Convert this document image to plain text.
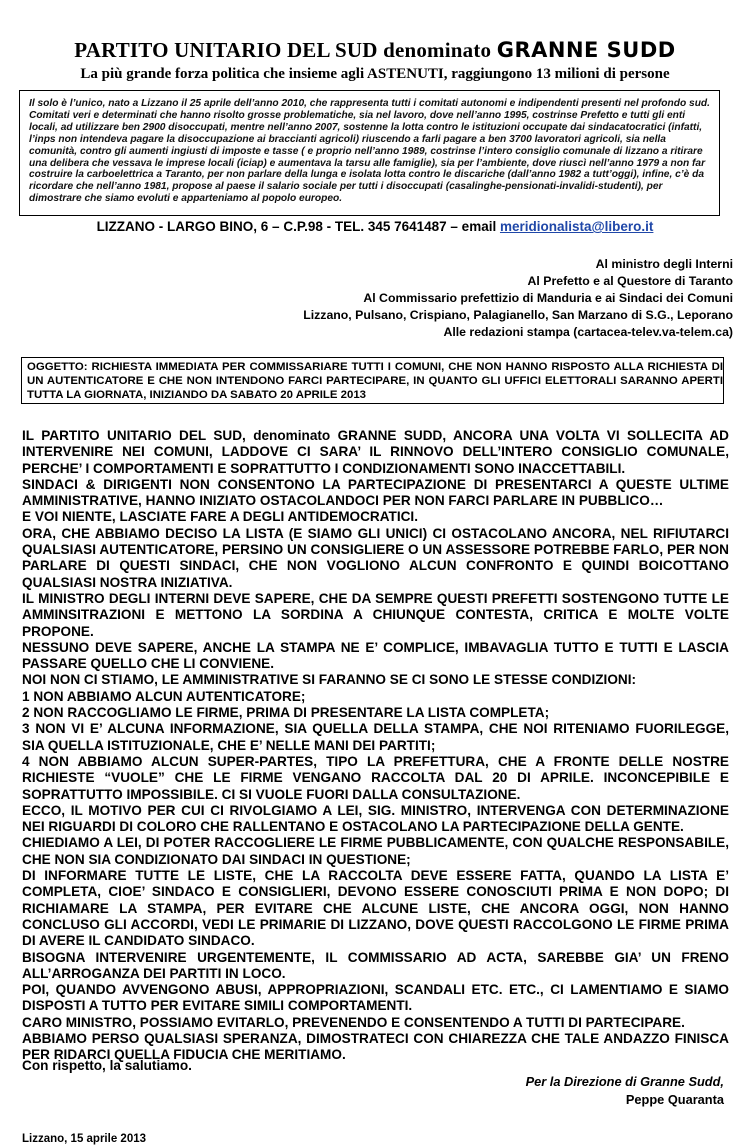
PARTITO UNITARIO DEL SUD denominato GRANNE SUDD
La più grande forza politica che insieme agli ASTENUTI, raggiungono 13 milioni di persone
Il solo è l’unico, nato a Lizzano il 25 aprile dell’anno 2010, che rappresenta tutti i comitati autonomi e indipendenti presenti nel profondo sud. Comitati veri e determinati che hanno risolto grosse problematiche, sia nel lavoro, dove nell’anno 1995, costrinse Prefetto e tutti gli enti locali, ad utilizzare ben 2900 disoccupati, mentre nell’anno 2007, sostenne la lotta contro le istituzioni occupate dai sindacatocratici (infatti, l’inps non intendeva pagare la disoccupazione ai braccianti agricoli) riuscendo a farli pagare a ben 3700 lavoratori agricoli, sia nella comunità, contro gli aumenti ingiusti di imposte e tasse ( e proprio nell’anno 1989, costrinse l’intero consiglio comunale di lizzano a ritirare una delibera che vessava le imprese locali (iciap) e aumentava la tarsu alle famiglie), sia per l’ambiente, dove riuscì nell’anno 1979 a non far costruire la carboelettrica a Taranto, per non parlare della lunga e isolata lotta contro le discariche (dall’anno 1982 a tutt’oggi), infine, c’è da ricordare che nell’anno 1981, propose al paese il salario sociale per tutti i disoccupati (casalinghe-pensionati-invalidi-studenti), per dimostrare che siamo evoluti e apparteniamo al popolo europeo.
LIZZANO - LARGO BINO, 6 – C.P.98 - TEL. 345 7641487 – email meridionalista@libero.it
Al ministro degli Interni
Al Prefetto e al Questore di Taranto
Al Commissario prefettizio di Manduria e ai Sindaci dei Comuni
Lizzano, Pulsano, Crispiano, Palagianello, San Marzano di S.G., Leporano
Alle redazioni stampa (cartacea-telev.va-telem.ca)
OGGETTO: RICHIESTA IMMEDIATA PER COMMISSARIARE TUTTI I COMUNI, CHE NON HANNO RISPOSTO ALLA RICHIESTA DI UN AUTENTICATORE E CHE NON INTENDONO FARCI PARTECIPARE, IN QUANTO GLI UFFICI ELETTORALI SARANNO APERTI TUTTA LA GIORNATA, INIZIANDO DA SABATO 20 APRILE 2013

IL PARTITO UNITARIO DEL SUD, denominato GRANNE SUDD, ANCORA UNA VOLTA VI SOLLECITA AD INTERVENIRE NEI COMUNI, LADDOVE CI SARA’ IL RINNOVO DELL’INTERO CONSIGLIO COMUNALE, PERCHE’ I COMPORTAMENTI E SOPRATTUTTO I CONDIZIONAMENTI SONO INACCETTABILI.

SINDACI & DIRIGENTI NON CONSENTONO LA PARTECIPAZIONE DI PRESENTARCI A QUESTE ULTIME AMMINISTRATIVE, HANNO INIZIATO OSTACOLANDOCI PER NON FARCI PARLARE IN PUBBLICO…

E VOI NIENTE, LASCIATE FARE A DEGLI ANTIDEMOCRATICI.

ORA, CHE ABBIAMO DECISO LA LISTA (E SIAMO GLI UNICI) CI OSTACOLANO ANCORA, NEL RIFIUTARCI QUALSIASI AUTENTICATORE, PERSINO UN CONSIGLIERE O UN ASSESSORE POTREBBE FARLO, PER NON PARLARE DI QUESTI SINDACI, CHE NON VOGLIONO ALCUN CONFRONTO E QUINDI BOICOTTANO QUALSIASI NOSTRA INIZIATIVA.

IL MINISTRO DEGLI INTERNI DEVE SAPERE, CHE DA SEMPRE QUESTI PREFETTI SOSTENGONO TUTTE LE AMMINSITRAZIONI E METTONO LA SORDINA A CHIUNQUE CONTESTA, CRITICA E MOLTE VOLTE PROPONE.

NESSUNO DEVE SAPERE, ANCHE LA STAMPA NE E’ COMPLICE, IMBAVAGLIA TUTTO E TUTTI E LASCIA PASSARE QUELLO CHE LI CONVIENE.

NOI NON CI STIAMO, LE AMMINISTRATIVE SI FARANNO SE CI SONO LE STESSE CONDIZIONI:

1 NON ABBIAMO ALCUN AUTENTICATORE;

2 NON RACCOGLIAMO LE FIRME, PRIMA DI PRESENTARE LA LISTA COMPLETA;

3 NON VI E’ ALCUNA INFORMAZIONE, SIA QUELLA DELLA STAMPA, CHE NOI RITENIAMO FUORILEGGE, SIA QUELLA ISTITUZIONALE, CHE E’ NELLE MANI DEI PARTITI;

4 NON ABBIAMO ALCUN SUPER-PARTES, TIPO LA PREFETTURA, CHE A FRONTE DELLE NOSTRE RICHIESTE “VUOLE” CHE LE FIRME VENGANO RACCOLTA DAL 20 DI APRILE. INCONCEPIBILE E SOPRATTUTTO IMPOSSIBILE. CI SI VUOLE FUORI DALLA CONSULTAZIONE.

ECCO, IL MOTIVO PER CUI CI RIVOLGIAMO A LEI, SIG. MINISTRO, INTERVENGA CON DETERMINAZIONE NEI RIGUARDI DI COLORO CHE RALLENTANO E OSTACOLANO LA PARTECIPAZIONE DELLA GENTE.

CHIEDIAMO A LEI, DI POTER RACCOGLIERE LE FIRME PUBBLICAMENTE, CON QUALCHE RESPONSABILE, CHE NON SIA CONDIZIONATO DAI SINDACI IN QUESTIONE;

DI INFORMARE TUTTE LE LISTE, CHE LA RACCOLTA DEVE ESSERE FATTA, QUANDO LA LISTA E’ COMPLETA, CIOE’ SINDACO E CONSIGLIERI, DEVONO ESSERE CONOSCIUTI PRIMA E NON DOPO; DI RICHIAMARE LA STAMPA, PER EVITARE CHE ALCUNE LISTE, CHE ANCORA OGGI, NON HANNO CONCLUSO GLI ACCORDI, VEDI LE PRIMARIE DI LIZZANO, DOVE QUESTI RACCOLGONO LE FIRME PRIMA DI AVERE IL CANDIDATO SINDACO.

BISOGNA INTERVENIRE URGENTEMENTE, IL COMMISSARIO AD ACTA, SAREBBE GIA’ UN FRENO ALL’ARROGANZA DEI PARTITI IN LOCO.

POI, QUANDO AVVENGONO ABUSI, APPROPRIAZIONI, SCANDALI ETC. ETC., CI LAMENTIAMO E SIAMO DISPOSTI A TUTTO PER EVITARE SIMILI COMPORTAMENTI.

CARO MINISTRO, POSSIAMO EVITARLO, PREVENENDO E CONSENTENDO A TUTTI DI PARTECIPARE.

ABBIAMO PERSO QUALSIASI SPERANZA, DIMOSTRATECI CON CHIAREZZA CHE TALE ANDAZZO FINISCA PER RIDARCI QUELLA FIDUCIA CHE MERITIAMO.

Con rispetto, la salutiamo.
Per la Direzione di Granne Sudd,
Peppe Quaranta
Lizzano, 15 aprile 2013
